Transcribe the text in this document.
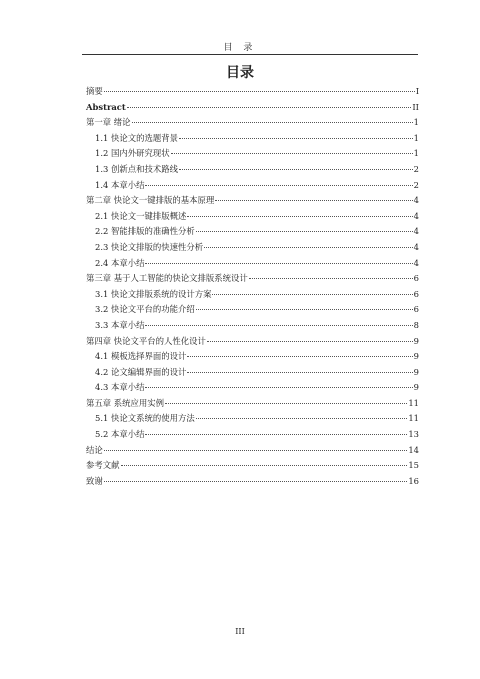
目 录
目录
摘要	I
Abstract	II
第一章 绪论	1
1.1 快论文的选题背景	1
1.2 国内外研究现状	1
1.3 创新点和技术路线	2
1.4 本章小结	2
第二章 快论文一键排版的基本原理	4
2.1 快论文一键排版概述	4
2.2 智能排版的准确性分析	4
2.3 快论文排版的快速性分析	4
2.4 本章小结	4
第三章 基于人工智能的快论文排版系统设计	6
3.1 快论文排版系统的设计方案	6
3.2 快论文平台的功能介绍	6
3.3 本章小结	8
第四章 快论文平台的人性化设计	9
4.1 模板选择界面的设计	9
4.2 论文编辑界面的设计	9
4.3 本章小结	9
第五章 系统应用实例	11
5.1 快论文系统的使用方法	11
5.2 本章小结	13
结论	14
参考文献	15
致谢	16
III
